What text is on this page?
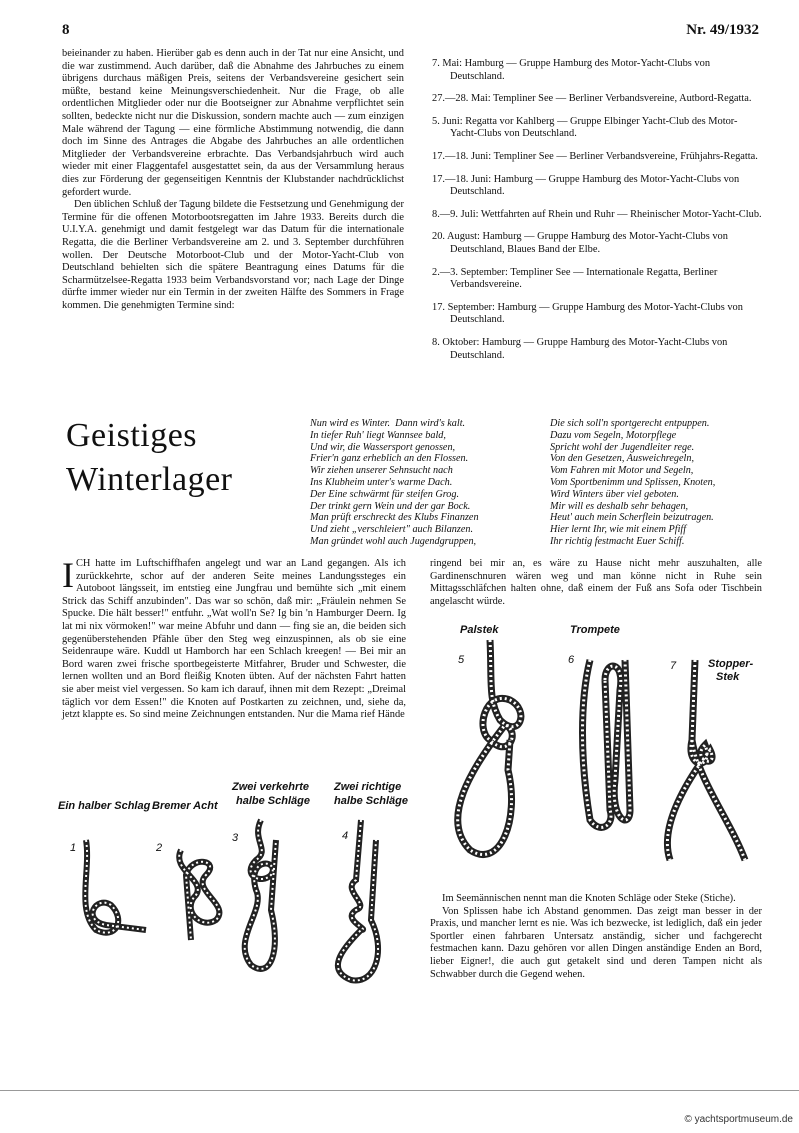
8	Nr. 49/1932

beieinander zu haben. Hierüber gab es denn auch in der Tat nur eine Ansicht, und die war zustimmend. Auch darüber, daß die Abnahme des Jahrbuches zu einem übrigens durchaus mäßigen Preis, seitens der Verbandsvereine gesichert sein müßte, bestand keine Meinungsverschiedenheit. Nur die Frage, ob alle ordentlichen Mitglieder oder nur die Bootseigner zur Abnahme verpflichtet sein sollten, bedeckte nicht nur die Diskussion, sondern machte auch — zum einzigen Male während der Tagung — eine förmliche Abstimmung notwendig, die dann doch im Sinne des Antrages die Abgabe des Jahrbuches an alle ordentlichen Mitglieder der Verbandsvereine erbrachte. Das Verbandsjahrbuch wird auch wieder mit einer Flaggentafel ausgestattet sein, da aus der Versammlung heraus dies zur Förderung der gegenseitigen Kenntnis der Klubstander nachdrücklichst gefordert wurde.

Den üblichen Schluß der Tagung bildete die Festsetzung und Genehmigung der Termine für die offenen Motorbootsregatten im Jahre 1933. Bereits durch die U.I.Y.A. genehmigt und damit festgelegt war das Datum für die internationale Regatta, die die Berliner Verbandsvereine am 2. und 3. September durchführen wollen. Der Deutsche Motorboot-Club und der Motor-Yacht-Club von Deutschland behielten sich die spätere Beantragung eines Datums für die Scharmützelsee-Regatta 1933 beim Verbandsvorstand vor; nach Lage der Dinge dürfte immer wieder nur ein Termin in der zweiten Hälfte des Sommers in Frage kommen. Die genehmigten Termine sind:

7. Mai: Hamburg — Gruppe Hamburg des Motor-Yacht-Clubs von Deutschland.
27.—28. Mai: Templiner See — Berliner Verbandsvereine, Autbord-Regatta.
5. Juni: Regatta vor Kahlberg — Gruppe Elbinger Yacht-Club des Motor-Yacht-Clubs von Deutschland.
17.—18. Juni: Templiner See — Berliner Verbandsvereine, Frühjahrs-Regatta.
17.—18. Juni: Hamburg — Gruppe Hamburg des Motor-Yacht-Clubs von Deutschland.
8.—9. Juli: Wettfahrten auf Rhein und Ruhr — Rheinischer Motor-Yacht-Club.
20. August: Hamburg — Gruppe Hamburg des Motor-Yacht-Clubs von Deutschland, Blaues Band der Elbe.
2.—3. September: Templiner See — Internationale Regatta, Berliner Verbandsvereine.
17. September: Hamburg — Gruppe Hamburg des Motor-Yacht-Clubs von Deutschland.
8. Oktober: Hamburg — Gruppe Hamburg des Motor-Yacht-Clubs von Deutschland.
Geistiges
Winterlager
Nun wird es Winter.  Dann wird's kalt.
In tiefer Ruh' liegt Wannsee bald,
Und wir, die Wassersport genossen,
Frier'n ganz erheblich an den Flossen.
Wir ziehen unserer Sehnsucht nach
Ins Klubheim unter's warme Dach.
Der Eine schwärmt für steifen Grog.
Der trinkt gern Wein und der gar Bock.
Man prüft erschreckt des Klubs Finanzen
Und zieht „verschleiert" auch Bilanzen.
Man gründet wohl auch Jugendgruppen,
Die sich soll'n sportgerecht entpuppen.
Dazu vom Segeln, Motorpflege
Spricht wohl der Jugendleiter rege.
Von den Gesetzen, Ausweichregeln,
Vom Fahren mit Motor und Segeln,
Vom Sportbenimm und Splissen, Knoten,
Wird Winters über viel geboten.
Mir will es deshalb sehr behagen,
Heut' auch mein Scherflein beizutragen.
Hier lernt Ihr, wie mit einem Pfiff
Ihr richtig festmacht Euer Schiff.
ICH hatte im Luftschiffhafen angelegt und war an Land gegangen. Als ich zurückkehrte, schor auf der anderen Seite meines Landungssteges ein Autoboot längsseit, im entstieg eine Jungfrau und bemühte sich „mit einem Strick das Schiff anzubinden". Das war so schön, daß mir: „Fräulein nehmen Se Spucke. Die hält besser!" entfuhr. „Wat woll'n Se? Ig bin 'n Hamburger Deern. Ig lat mi nix vörmoken!" war meine Abfuhr und dann — fing sie an, die beiden sich gegenüberstehenden Pfähle über den Steg weg einzuspinnen, als ob sie eine Seidenraupe wäre. Kuddl ut Hamborch har een Schlach kreegen! — Bei mir an Bord waren zwei frische sportbegeisterte Mitfahrer, Bruder und Schwester, die lernen wollten und an Bord fleißig Knoten übten. Auf der nächsten Fahrt hatten sie aber meist viel vergessen. So kam ich darauf, ihnen mit dem Rezept: „Dreimal täglich vor dem Essen!" die Knoten auf Postkarten zu zeichnen, und, siehe da, jetzt klappte es. So sind meine Zeichnungen entstanden. Nur die Mama rief Hände
ringend bei mir an, es wäre zu Hause nicht mehr auszuhalten, alle Gardinenschnuren wären weg und man könne nicht in Ruhe sein Mittagsschläfchen halten ohne, daß einem der Fuß ans Sofa oder Tischbein angelascht würde.
Palstek
5
Trompete
6	7	Stopper-
Stek

Im Seemännischen nennt man die Knoten Schläge oder Steke (Stiche).

Von Splissen habe ich Abstand genommen. Das zeigt man besser in der Praxis, und mancher lernt es nie. Was ich bezwecke, ist lediglich, daß ein jeder Sportler einen fahrbaren Untersatz anständig, sicher und fachgerecht festmachen kann. Dazu gehören vor allen Dingen anständige Enden an Bord, lieber Eigner!, die auch gut getakelt sind und deren Tampen nicht als Schwabber durch die Gegend wehen.

Ein halber Schlag
1
Bremer Acht
2
Zwei verkehrte
halbe Schläge
3
Zwei richtige
halbe Schläge
4
© yachtsportmuseum.de
